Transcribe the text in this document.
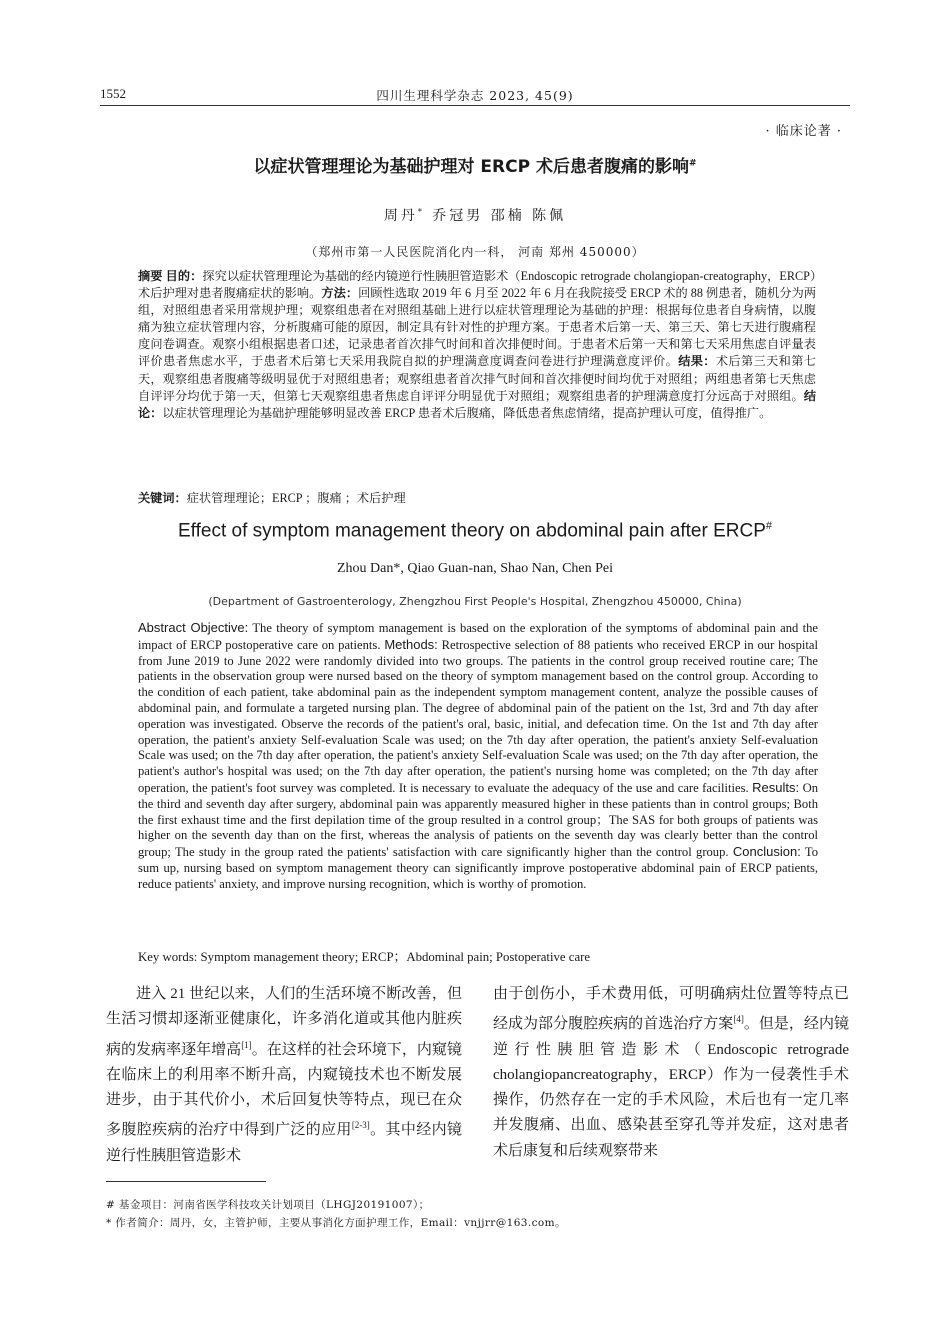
1552	四川生理科学杂志 2023, 45(9)
· 临床论著 ·
以症状管理理论为基础护理对 ERCP 术后患者腹痛的影响#
周丹* 乔冠男 邵楠 陈佩
（郑州市第一人民医院消化内一科， 河南 郑州 450000）
摘要 目的：探究以症状管理理论为基础的经内镜逆行性胰胆管造影术（Endoscopic retrograde cholangiopan-creatography，ERCP）术后护理对患者腹痛症状的影响。方法：回顾性选取 2019 年 6 月至 2022 年 6 月在我院接受 ERCP 术的 88 例患者，随机分为两组，对照组患者采用常规护理；观察组患者在对照组基础上进行以症状管理理论为基础的护理：根据每位患者自身病情，以腹痛为独立症状管理内容，分析腹痛可能的原因，制定具有针对性的护理方案。于患者术后第一天、第三天、第七天进行腹痛程度问卷调查。观察小组根据患者口述，记录患者首次排气时间和首次排便时间。于患者术后第一天和第七天采用焦虑自评量表评价患者焦虑水平，于患者术后第七天采用我院自拟的护理满意度调查问卷进行护理满意度评价。结果：术后第三天和第七天，观察组患者腹痛等级明显优于对照组患者；观察组患者首次排气时间和首次排便时间均优于对照组；两组患者第七天焦虑自评评分均优于第一天，但第七天观察组患者焦虑自评评分明显优于对照组；观察组患者的护理满意度打分远高于对照组。结论：以症状管理理论为基础护理能够明显改善 ERCP 患者术后腹痛，降低患者焦虑情绪，提高护理认可度，值得推广。
关键词：症状管理理论；ERCP ；腹痛 ；术后护理
Effect of symptom management theory on abdominal pain after ERCP#
Zhou Dan*, Qiao Guan-nan, Shao Nan, Chen Pei
(Department of Gastroenterology, Zhengzhou First People's Hospital, Zhengzhou 450000, China)
Abstract Objective: The theory of symptom management is based on the exploration of the symptoms of abdominal pain and the impact of ERCP postoperative care on patients. Methods: Retrospective selection of 88 patients who received ERCP in our hospital from June 2019 to June 2022 were randomly divided into two groups. The patients in the control group received routine care; The patients in the observation group were nursed based on the theory of symptom management based on the control group. According to the condition of each patient, take abdominal pain as the independent symptom management content, analyze the possible causes of abdominal pain, and formulate a targeted nursing plan. The degree of abdominal pain of the patient on the 1st, 3rd and 7th day after operation was investigated. Observe the records of the patient's oral, basic, initial, and defecation time. On the 1st and 7th day after operation, the patient's anxiety Self-evaluation Scale was used; on the 7th day after operation, the patient's anxiety Self-evaluation Scale was used; on the 7th day after operation, the patient's anxiety Self-evaluation Scale was used; on the 7th day after operation, the patient's author's hospital was used; on the 7th day after operation, the patient's nursing home was completed; on the 7th day after operation, the patient's foot survey was completed. It is necessary to evaluate the adequacy of the use and care facilities. Results: On the third and seventh day after surgery, abdominal pain was apparently measured higher in these patients than in control groups; Both the first exhaust time and the first depilation time of the group resulted in a control group；The SAS for both groups of patients was higher on the seventh day than on the first, whereas the analysis of patients on the seventh day was clearly better than the control group; The study in the group rated the patients' satisfaction with care significantly higher than the control group. Conclusion: To sum up, nursing based on symptom management theory can significantly improve postoperative abdominal pain of ERCP patients, reduce patients' anxiety, and improve nursing recognition, which is worthy of promotion.
Key words: Symptom management theory; ERCP；Abdominal pain; Postoperative care
进入 21 世纪以来，人们的生活环境不断改善，但生活习惯却逐渐亚健康化，许多消化道或其他内脏疾病的发病率逐年增高[1]。在这样的社会环境下，内窥镜在临床上的利用率不断升高，内窥镜技术也不断发展进步，由于其代价小，术后回复快等特点，现已在众多腹腔疾病的治疗中得到广泛的应用[2-3]。其中经内镜逆行性胰胆管造影术
由于创伤小，手术费用低，可明确病灶位置等特点已经成为部分腹腔疾病的首选治疗方案[4]。但是，经内镜逆行性胰胆管造影术（Endoscopic retrograde cholangiopancreatography，ERCP）作为一侵袭性手术操作，仍然存在一定的手术风险，术后也有一定几率并发腹痛、出血、感染甚至穿孔等并发症，这对患者术后康复和后续观察带来
# 基金项目：河南省医学科技攻关计划项目（LHGJ20191007）；
* 作者简介：周丹，女，主管护师，主要从事消化方面护理工作，Email：vnjjrr@163.com。
